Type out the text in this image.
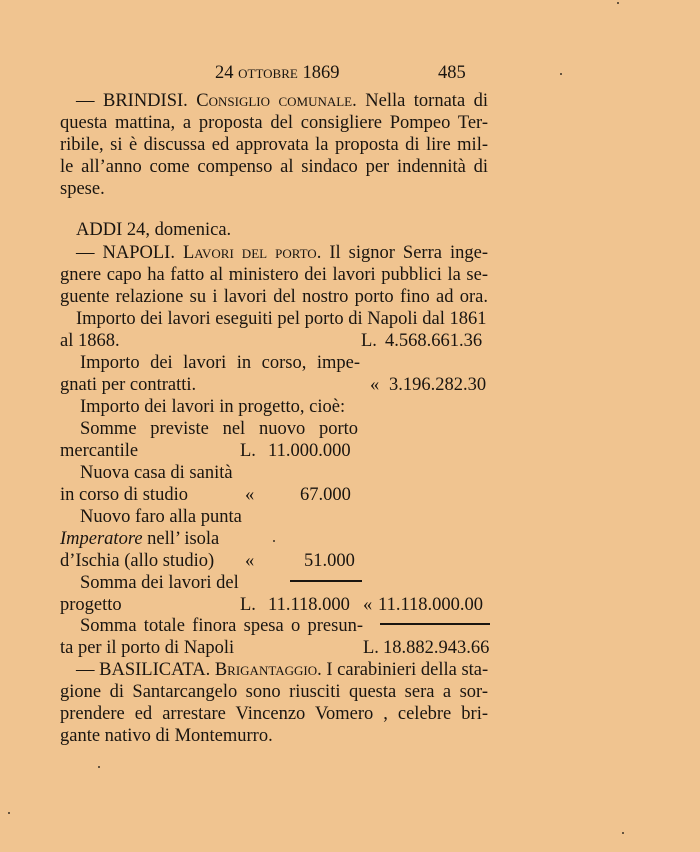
24 ottobre 1869	485
— BRINDISI. Consiglio comunale. Nella tornata di
questa mattina, a proposta del consigliere Pompeo Ter-
ribile, si è discussa ed approvata la proposta di lire mil-
le all’anno come compenso al sindaco per indennità di
spese.
ADDI 24, domenica.
— NAPOLI. Lavori del porto. Il signor Serra inge-
gnere capo ha fatto al ministero dei lavori pubblici la se-
guente relazione su i lavori del nostro porto fino ad ora.
Importo dei lavori eseguiti pel porto di Napoli dal 1861
al 1868.	L. 4.568.661.36
Importo dei lavori in corso, impe-
gnati per contratti.	« 3.196.282.30
Importo dei lavori in progetto, cioè:
Somme previste nel nuovo porto
mercantile	L. 11.000.000
Nuova casa di sanità
in corso di studio	« 67.000
Nuovo faro alla punta
Imperatore nell’ isola
d’Ischia (allo studio) «	51.000
Somma dei lavori del
progetto	L. 11.118.000 « 11.118.000.00
Somma totale finora spesa o presun-
ta per il porto di Napoli	L. 18.882.943.66
— BASILICATA. Brigantaggio. I carabinieri della sta-
gione di Santarcangelo sono riusciti questa sera a sor-
prendere ed arrestare Vincenzo Vomero , celebre bri-
gante nativo di Montemurro.
